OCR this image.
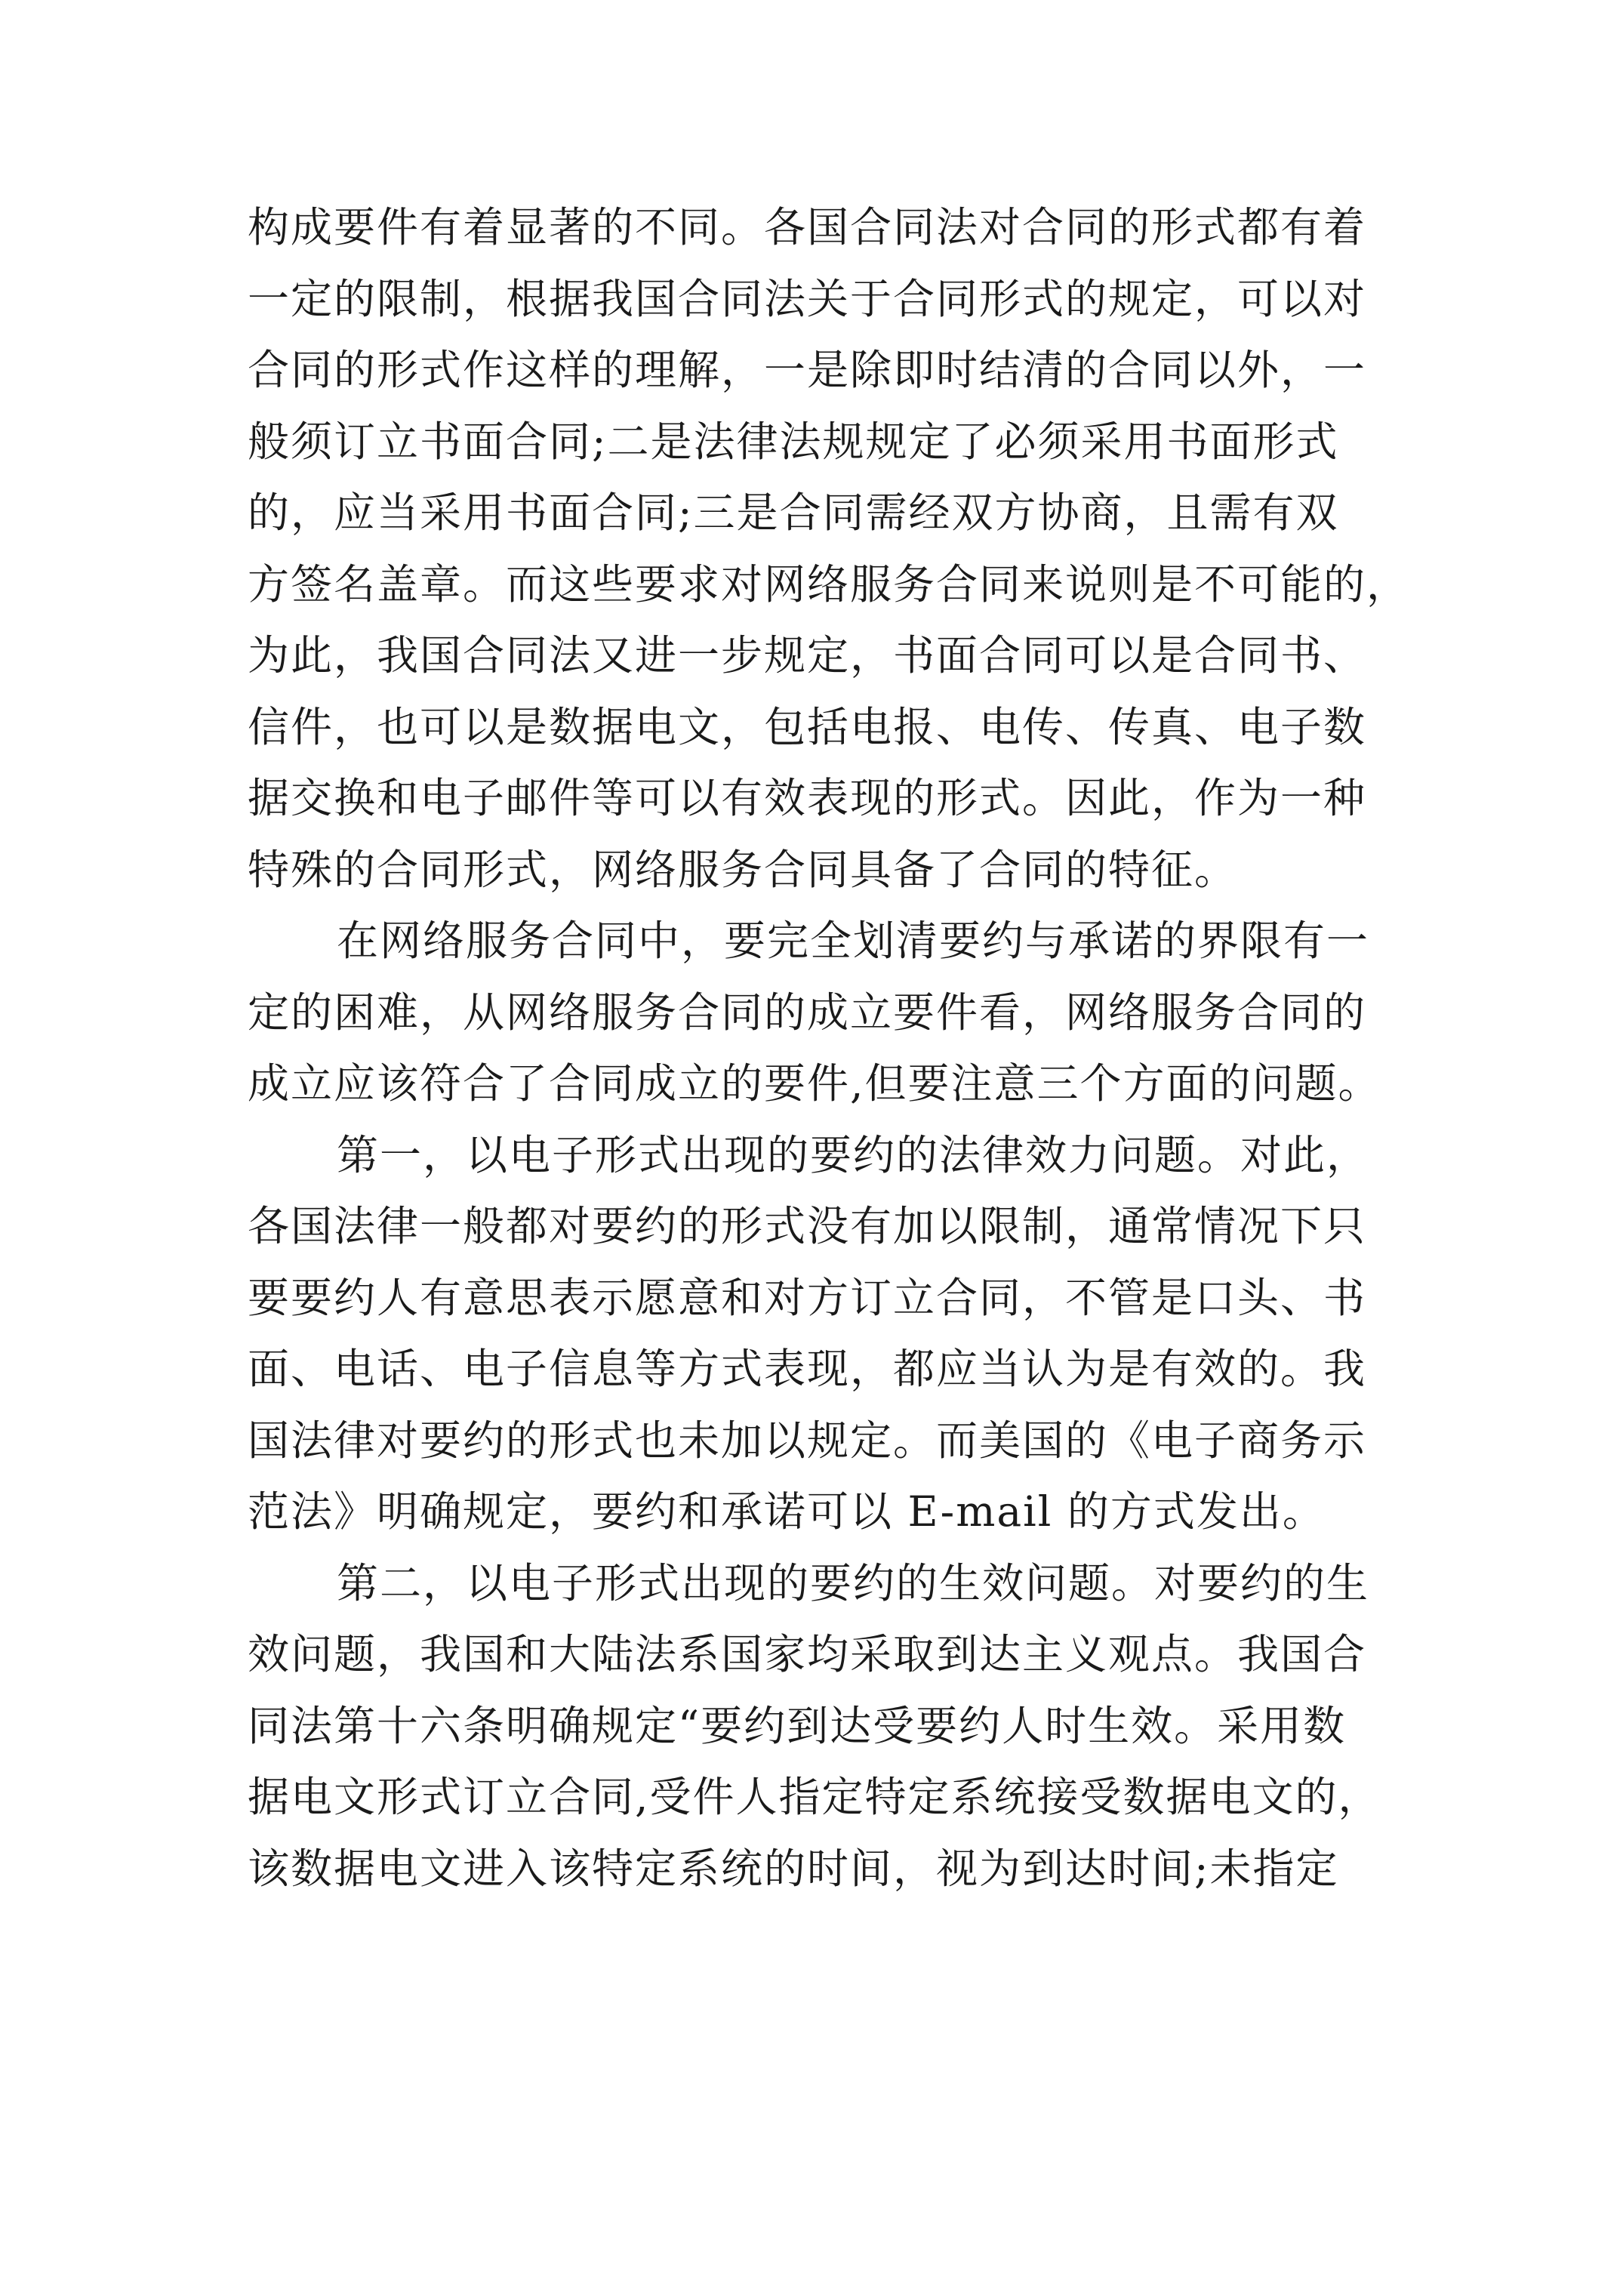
构成要件有着显著的不同。各国合同法对合同的形式都有着
一定的限制，根据我国合同法关于合同形式的规定，可以对
合同的形式作这样的理解，一是除即时结清的合同以外，一
般须订立书面合同;二是法律法规规定了必须采用书面形式
的，应当采用书面合同;三是合同需经双方协商，且需有双
方签名盖章。而这些要求对网络服务合同来说则是不可能的，
为此，我国合同法又进一步规定，书面合同可以是合同书、
信件，也可以是数据电文，包括电报、电传、传真、电子数
据交换和电子邮件等可以有效表现的形式。因此，作为一种
特殊的合同形式，网络服务合同具备了合同的特征。
在网络服务合同中，要完全划清要约与承诺的界限有一
定的困难，从网络服务合同的成立要件看，网络服务合同的
成立应该符合了合同成立的要件,但要注意三个方面的问题。
第一，以电子形式出现的要约的法律效力问题。对此，
各国法律一般都对要约的形式没有加以限制，通常情况下只
要要约人有意思表示愿意和对方订立合同，不管是口头、书
面、电话、电子信息等方式表现，都应当认为是有效的。我
国法律对要约的形式也未加以规定。而美国的《电子商务示
范法》明确规定，要约和承诺可以 E-mail 的方式发出。
第二，以电子形式出现的要约的生效问题。对要约的生
效问题，我国和大陆法系国家均采取到达主义观点。我国合
同法第十六条明确规定“要约到达受要约人时生效。采用数
据电文形式订立合同,受件人指定特定系统接受数据电文的，
该数据电文进入该特定系统的时间，视为到达时间;未指定
